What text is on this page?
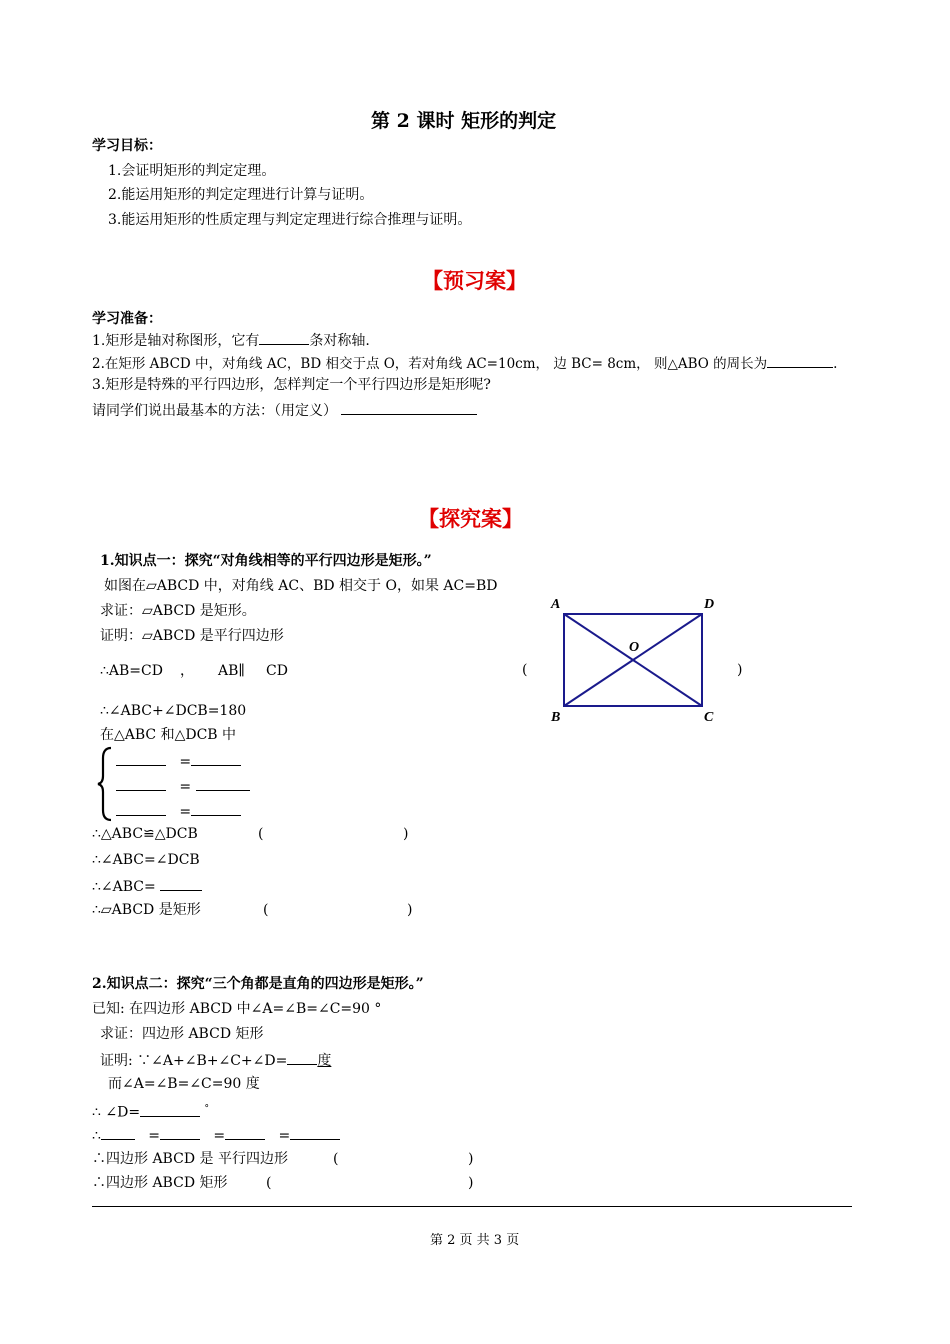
第 2 课时 矩形的判定
学习目标：
1.会证明矩形的判定定理。
2.能运用矩形的判定定理进行计算与证明。
3.能运用矩形的性质定理与判定定理进行综合推理与证明。
【预习案】
学习准备：
1.矩形是轴对称图形，它有	条对称轴.
2.在矩形 ABCD 中，对角线 AC，BD 相交于点 O，若对角线 AC=10cm， 边 BC= 8cm， 则△ABO 的周长为	.
3.矩形是特殊的平行四边形，怎样判定一个平行四边形是矩形呢?
请同学们说出最基本的方法：（用定义）
【探究案】
1.知识点一：探究“对角线相等的平行四边形是矩形。”
如图在▱ABCD 中，对角线 AC、BD 相交于 O，如果 AC=BD
求证：▱ABCD 是矩形。
证明：▱ABCD 是平行四边形
∴AB=CD ， AB∥ CD	(	)
∴∠ABC+∠DCB=180
在△ABC 和△DCB 中
=
=
=
∴△ABC≌△DCB	(	)
∴∠ABC=∠DCB
∴∠ABC=
∴▱ABCD 是矩形	(	)
A	D
B	C
O
2.知识点二：探究“三个角都是直角的四边形是矩形。”
已知: 在四边形 ABCD 中∠A=∠B=∠C=90 °
求证：四边形 ABCD 矩形
证明: ∵∠A+∠B+∠C+∠D= 度
而∠A=∠B=∠C=90 度
∴ ∠D=	°
∴	=	=	=
∴四边形 ABCD 是 平行四边形	(	)
∴四边形 ABCD 矩形	(	)
第 2 页 共 3 页
